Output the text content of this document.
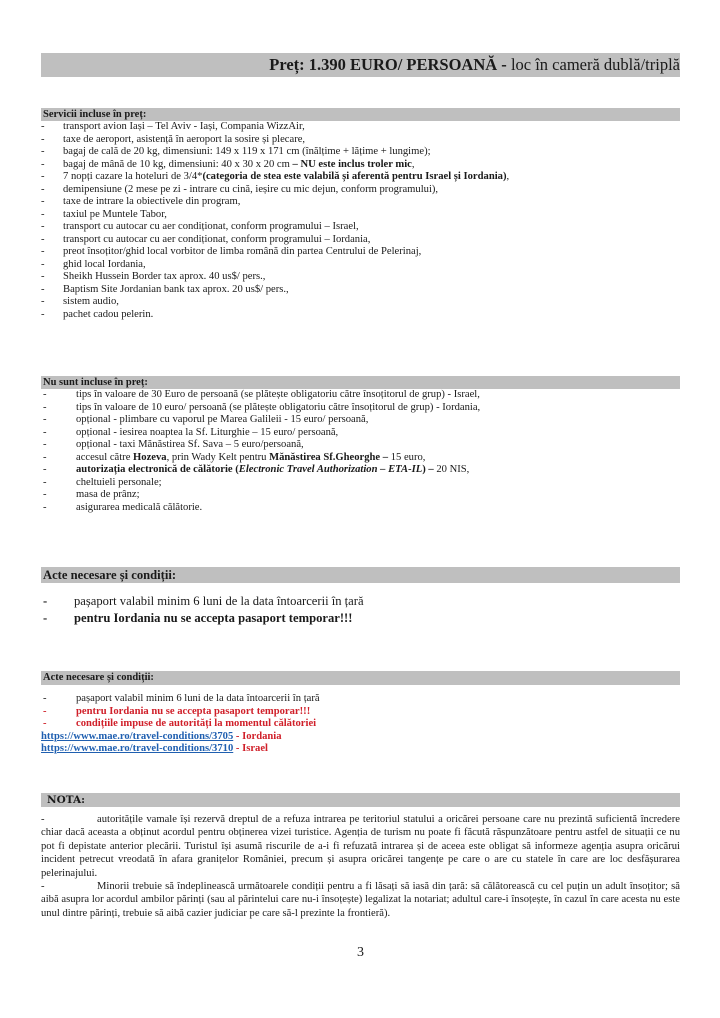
Preț: 1.390 EURO/ PERSOANĂ - loc în cameră dublă/triplă
Servicii incluse în preț:
- transport avion Iași – Tel Aviv - Iași, Compania WizzAir,
- taxe de aeroport, asistență în aeroport la sosire și plecare,
- bagaj de cală de 20 kg, dimensiuni: 149 x 119 x 171 cm (înălțime + lățime + lungime);
- bagaj de mână de 10 kg, dimensiuni: 40 x 30 x 20 cm – NU este inclus troler mic,
- 7 nopți cazare la hoteluri de 3/4*(categoria de stea este valabilă și aferentă pentru Israel și Iordania),
- demipensiune (2 mese pe zi - intrare cu cină, ieșire cu mic dejun, conform programului),
- taxe de intrare la obiectivele din program,
- taxiul pe Muntele Tabor,
- transport cu autocar cu aer condiționat, conform programului – Israel,
- transport cu autocar cu aer condiționat, conform programului – Iordania,
- preot însoțitor/ghid local vorbitor de limba română din partea Centrului de Pelerinaj,
- ghid local Iordania,
- Sheikh Hussein Border tax aprox. 40 us$/ pers.,
- Baptism Site Jordanian bank tax aprox. 20 us$/ pers.,
- sistem audio,
- pachet cadou pelerin.
Nu sunt incluse în preț:
- tips în valoare de 30 Euro de persoană (se plătește obligatoriu către însoțitorul de grup) - Israel,
- tips în valoare de 10 euro/ persoană (se plătește obligatoriu către însoțitorul de grup) - Iordania,
- opțional - plimbare cu vaporul pe Marea Galileii - 15 euro/ persoană,
- opțional - iesirea noaptea la Sf. Liturghie – 15 euro/ persoană,
- opțional - taxi Mănăstirea Sf. Sava – 5 euro/persoană,
- accesul către Hozeva, prin Wady Kelt pentru Mănăstirea Sf.Gheorghe – 15 euro,
- autorizația electronică de călătorie (Electronic Travel Authorization – ETA-IL) – 20 NIS,
- cheltuieli personale;
- masa de prânz;
- asigurarea medicală călătorie.
Acte necesare și condiții:
- pașaport valabil minim 6 luni de la data întoarcerii în țară
- pentru Iordania nu se accepta pasaport temporar!!!
Acte necesare și condiții:
- pașaport valabil minim 6 luni de la data întoarcerii în țară
- pentru Iordania nu se accepta pasaport temporar!!!
- condițiile impuse de autorități la momentul călătoriei
https://www.mae.ro/travel-conditions/3705 - Iordania
https://www.mae.ro/travel-conditions/3710 - Israel
NOTA:

-	autoritățile vamale își rezervă dreptul de a refuza intrarea pe teritoriul statului a oricărei persoane care nu prezintă suficientă încredere chiar dacă aceasta a obținut acordul pentru obținerea vizei turistice. Agenția de turism nu poate fi făcută răspunzătoare pentru astfel de situații ce nu pot fi depistate anterior plecării. Turistul își asumă riscurile de a-i fi refuzată intrarea și de aceea este obligat să informeze agenția asupra oricărui incident petrecut vreodată în afara granițelor României, precum și asupra oricărei tangențe pe care o are cu statele în care are loc desfășurarea pelerinajului.

-	Minorii trebuie să îndeplinească următoarele condiții pentru a fi lăsați să iasă din țară: să călătorească cu cel puțin un adult însoțitor; să aibă asupra lor acordul ambilor părinți (sau al părintelui care nu-i însoțește) legalizat la notariat; adultul care-i însoțește, în cazul în care acesta nu este unul dintre părinți, trebuie să aibă cazier judiciar pe care să-l prezinte la frontieră).

3
